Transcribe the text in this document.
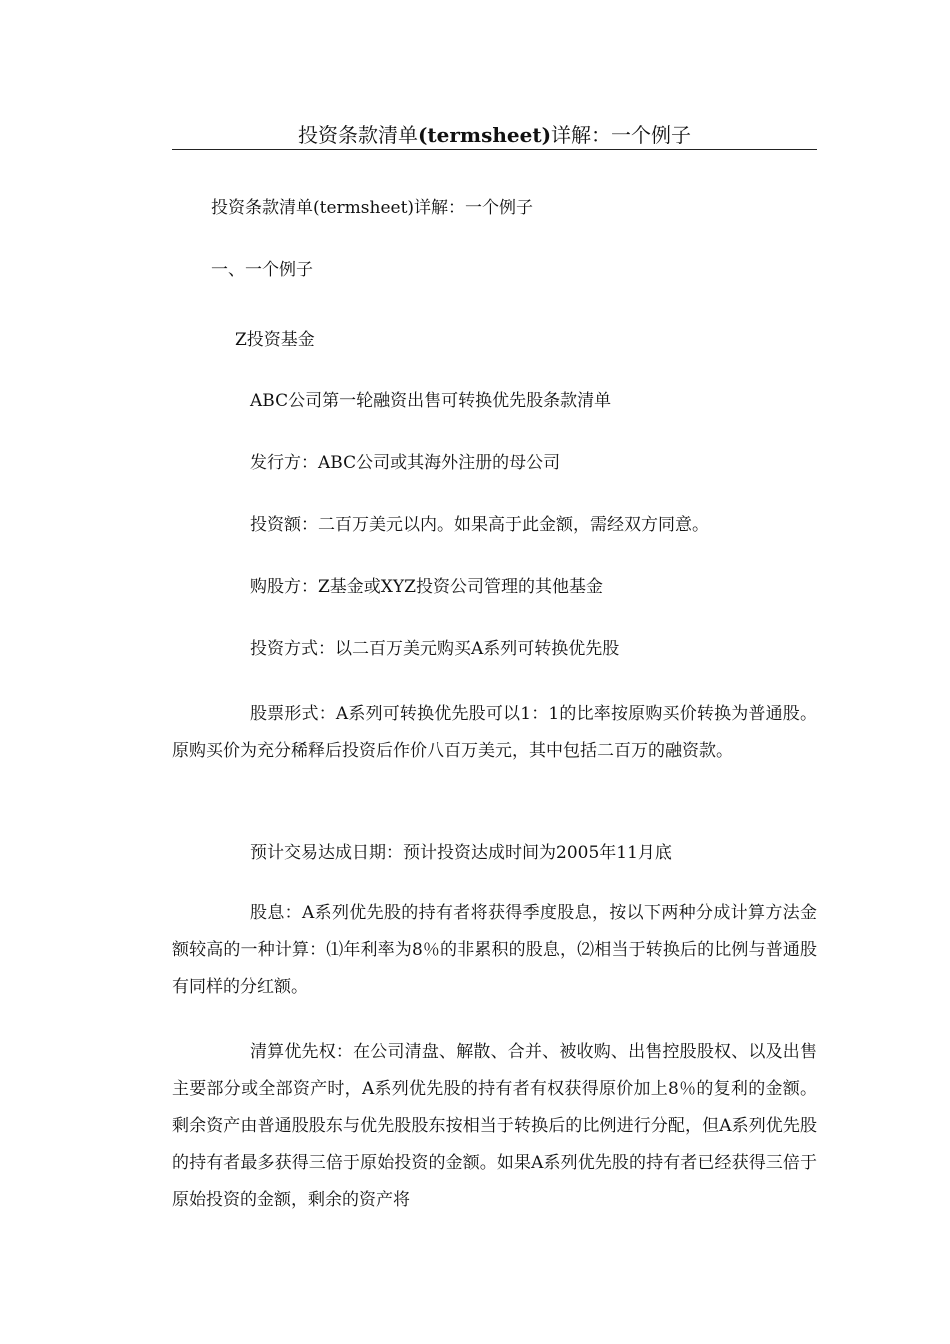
投资条款清单(termsheet)详解：一个例子
投资条款清单(termsheet)详解：一个例子
一、一个例子
Z投资基金
ABC公司第一轮融资出售可转换优先股条款清单
发行方：ABC公司或其海外注册的母公司
投资额：二百万美元以内。如果高于此金额，需经双方同意。
购股方：Z基金或XYZ投资公司管理的其他基金
投资方式：以二百万美元购买A系列可转换优先股
股票形式：A系列可转换优先股可以1：1的比率按原购买价转换为普通股。原购买价为充分稀释后投资后作价八百万美元，其中包括二百万的融资款。
预计交易达成日期：预计投资达成时间为2005年11月底
股息：A系列优先股的持有者将获得季度股息，按以下两种分成计算方法金额较高的一种计算：⑴年利率为8％的非累积的股息，⑵相当于转换后的比例与普通股有同样的分红额。
清算优先权：在公司清盘、解散、合并、被收购、出售控股股权、以及出售主要部分或全部资产时，A系列优先股的持有者有权获得原价加上8％的复利的金额。剩余资产由普通股股东与优先股股东按相当于转换后的比例进行分配，但A系列优先股的持有者最多获得三倍于原始投资的金额。如果A系列优先股的持有者已经获得三倍于原始投资的金额，剩余的资产将
